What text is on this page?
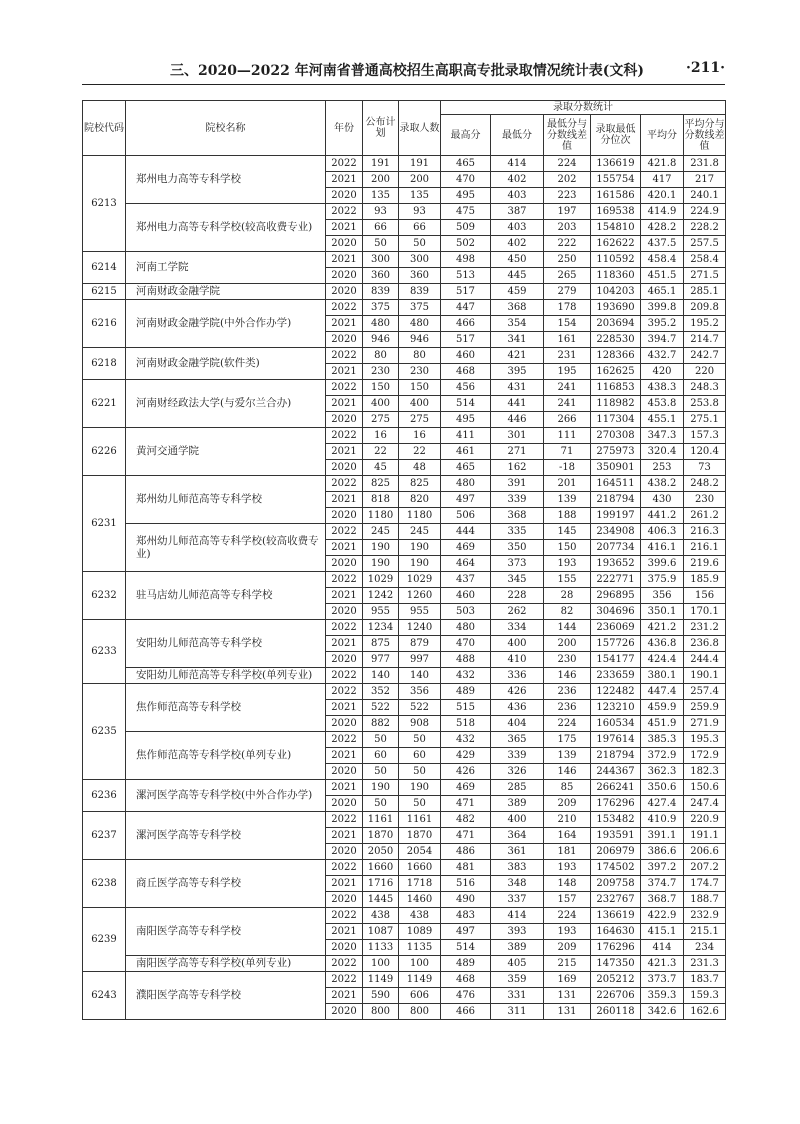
三、2020—2022 年河南省普通高校招生高职高专批录取情况统计表(文科)	·211·
院校代码	院校名称	年份	公布计划	录取人数	录取分数统计					
					最高分	最低分	最低分与分数线差值	录取最低分位次	平均分	平均分与分数线差值
6213	郑州电力高等专科学校	2022	191	191	465	414	224	136619	421.8	231.8
		2021	200	200	470	402	202	155754	417	217
		2020	135	135	495	403	223	161586	420.1	240.1
	郑州电力高等专科学校(较高收费专业)	2022	93	93	475	387	197	169538	414.9	224.9
		2021	66	66	509	403	203	154810	428.2	228.2
		2020	50	50	502	402	222	162622	437.5	257.5
6214	河南工学院	2021	300	300	498	450	250	110592	458.4	258.4
		2020	360	360	513	445	265	118360	451.5	271.5
6215	河南财政金融学院	2020	839	839	517	459	279	104203	465.1	285.1
6216	河南财政金融学院(中外合作办学)	2022	375	375	447	368	178	193690	399.8	209.8
		2021	480	480	466	354	154	203694	395.2	195.2
		2020	946	946	517	341	161	228530	394.7	214.7
6218	河南财政金融学院(软件类)	2022	80	80	460	421	231	128366	432.7	242.7
		2021	230	230	468	395	195	162625	420	220
6221	河南财经政法大学(与爱尔兰合办)	2022	150	150	456	431	241	116853	438.3	248.3
		2021	400	400	514	441	241	118982	453.8	253.8
		2020	275	275	495	446	266	117304	455.1	275.1
6226	黄河交通学院	2022	16	16	411	301	111	270308	347.3	157.3
		2021	22	22	461	271	71	275973	320.4	120.4
		2020	45	48	465	162	-18	350901	253	73
6231	郑州幼儿师范高等专科学校	2022	825	825	480	391	201	164511	438.2	248.2
		2021	818	820	497	339	139	218794	430	230
		2020	1180	1180	506	368	188	199197	441.2	261.2
	郑州幼儿师范高等专科学校(较高收费专业)	2022	245	245	444	335	145	234908	406.3	216.3
		2021	190	190	469	350	150	207734	416.1	216.1
		2020	190	190	464	373	193	193652	399.6	219.6
6232	驻马店幼儿师范高等专科学校	2022	1029	1029	437	345	155	222771	375.9	185.9
		2021	1242	1260	460	228	28	296895	356	156
		2020	955	955	503	262	82	304696	350.1	170.1
6233	安阳幼儿师范高等专科学校	2022	1234	1240	480	334	144	236069	421.2	231.2
		2021	875	879	470	400	200	157726	436.8	236.8
		2020	977	997	488	410	230	154177	424.4	244.4
	安阳幼儿师范高等专科学校(单列专业)	2022	140	140	432	336	146	233659	380.1	190.1
6235	焦作师范高等专科学校	2022	352	356	489	426	236	122482	447.4	257.4
		2021	522	522	515	436	236	123210	459.9	259.9
		2020	882	908	518	404	224	160534	451.9	271.9
	焦作师范高等专科学校(单列专业)	2022	50	50	432	365	175	197614	385.3	195.3
		2021	60	60	429	339	139	218794	372.9	172.9
		2020	50	50	426	326	146	244367	362.3	182.3
6236	漯河医学高等专科学校(中外合作办学)	2021	190	190	469	285	85	266241	350.6	150.6
		2020	50	50	471	389	209	176296	427.4	247.4
6237	漯河医学高等专科学校	2022	1161	1161	482	400	210	153482	410.9	220.9
		2021	1870	1870	471	364	164	193591	391.1	191.1
		2020	2050	2054	486	361	181	206979	386.6	206.6
6238	商丘医学高等专科学校	2022	1660	1660	481	383	193	174502	397.2	207.2
		2021	1716	1718	516	348	148	209758	374.7	174.7
		2020	1445	1460	490	337	157	232767	368.7	188.7
6239	南阳医学高等专科学校	2022	438	438	483	414	224	136619	422.9	232.9
		2021	1087	1089	497	393	193	164630	415.1	215.1
		2020	1133	1135	514	389	209	176296	414	234
	南阳医学高等专科学校(单列专业)	2022	100	100	489	405	215	147350	421.3	231.3
6243	濮阳医学高等专科学校	2022	1149	1149	468	359	169	205212	373.7	183.7
		2021	590	606	476	331	131	226706	359.3	159.3
		2020	800	800	466	311	131	260118	342.6	162.6
